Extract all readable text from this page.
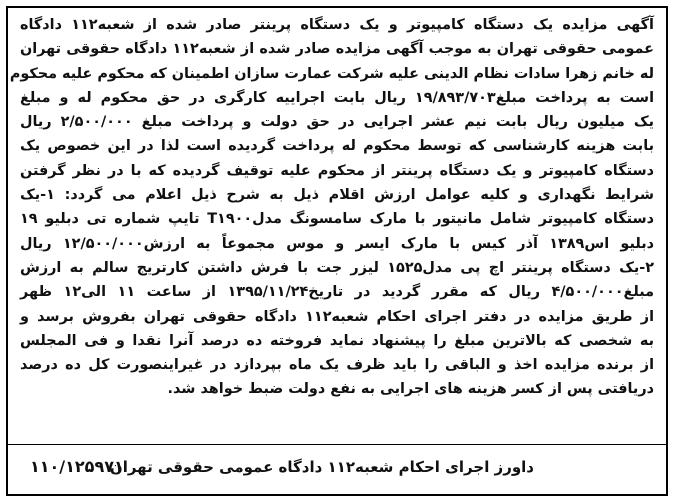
آگهی مزایده یک دستگاه کامپیوتر و یک دستگاه پرینتر صادر شده از شعبه۱۱۲ دادگاه
عمومی حقوقی تهران به موجب آگهی مزایده صادر شده از شعبه۱۱۲ دادگاه حقوقی تهران
له خانم زهرا سادات نظام الدینی علیه شرکت عمارت سازان اطمینان که محکوم علیه محکوم
است به پرداخت مبلغ۱۹/۸۹۳/۷۰۳ ریال بابت اجراییه کارگری در حق محکوم له و مبلغ
یک میلیون ریال بابت نیم عشر اجرایی در حق دولت و پرداخت مبلغ ۲/۵۰۰/۰۰۰ ریال
بابت هزینه کارشناسی که توسط محکوم له پرداخت گردیده است لذا در این خصوص یک
دستگاه کامپیوتر و یک دستگاه پرینتر از محکوم علیه توقیف گردیده که با در نظر گرفتن
شرایط نگهداری و کلیه عوامل ارزش اقلام ذیل به شرح ذیل اعلام می گردد: ۱-یک
دستگاه کامپیوتر شامل مانیتور با مارک سامسونگ مدلT۱۹۰۰ تایپ شماره تی دبلیو ۱۹
دبلیو اس۱۳۸۹ آذر کیس با مارک ایسر و موس مجموعاً به ارزش۱۲/۵۰۰/۰۰۰ ریال
۲-یک دستگاه پرینتر اچ پی مدل۱۵۲۵ لیزر جت با فرش داشتن کارتریج سالم به ارزش
مبلغ۴/۵۰۰/۰۰۰ ریال که مقرر گردید در تاریخ۱۳۹۵/۱۱/۲۴ از ساعت ۱۱ الی۱۲ ظهر
از طریق مزایده در دفتر اجرای احکام شعبه۱۱۲ دادگاه حقوقی تهران بفروش برسد و
به شخصی که بالاترین مبلغ را پیشنهاد نماید فروخته ده درصد آنرا نقدا و فی المجلس
از برنده مزایده اخذ و الباقی را باید ظرف یک ماه بپردازد در غیراینصورت کل ده درصد
دریافتی پس از کسر هزینه های اجرایی به نفع دولت ضبط خواهد شد.
داورز اجرای احکام شعبه۱۱۲ دادگاه عمومی حقوقی تهران
۱۱۰/۱۲۵۹۷۱
